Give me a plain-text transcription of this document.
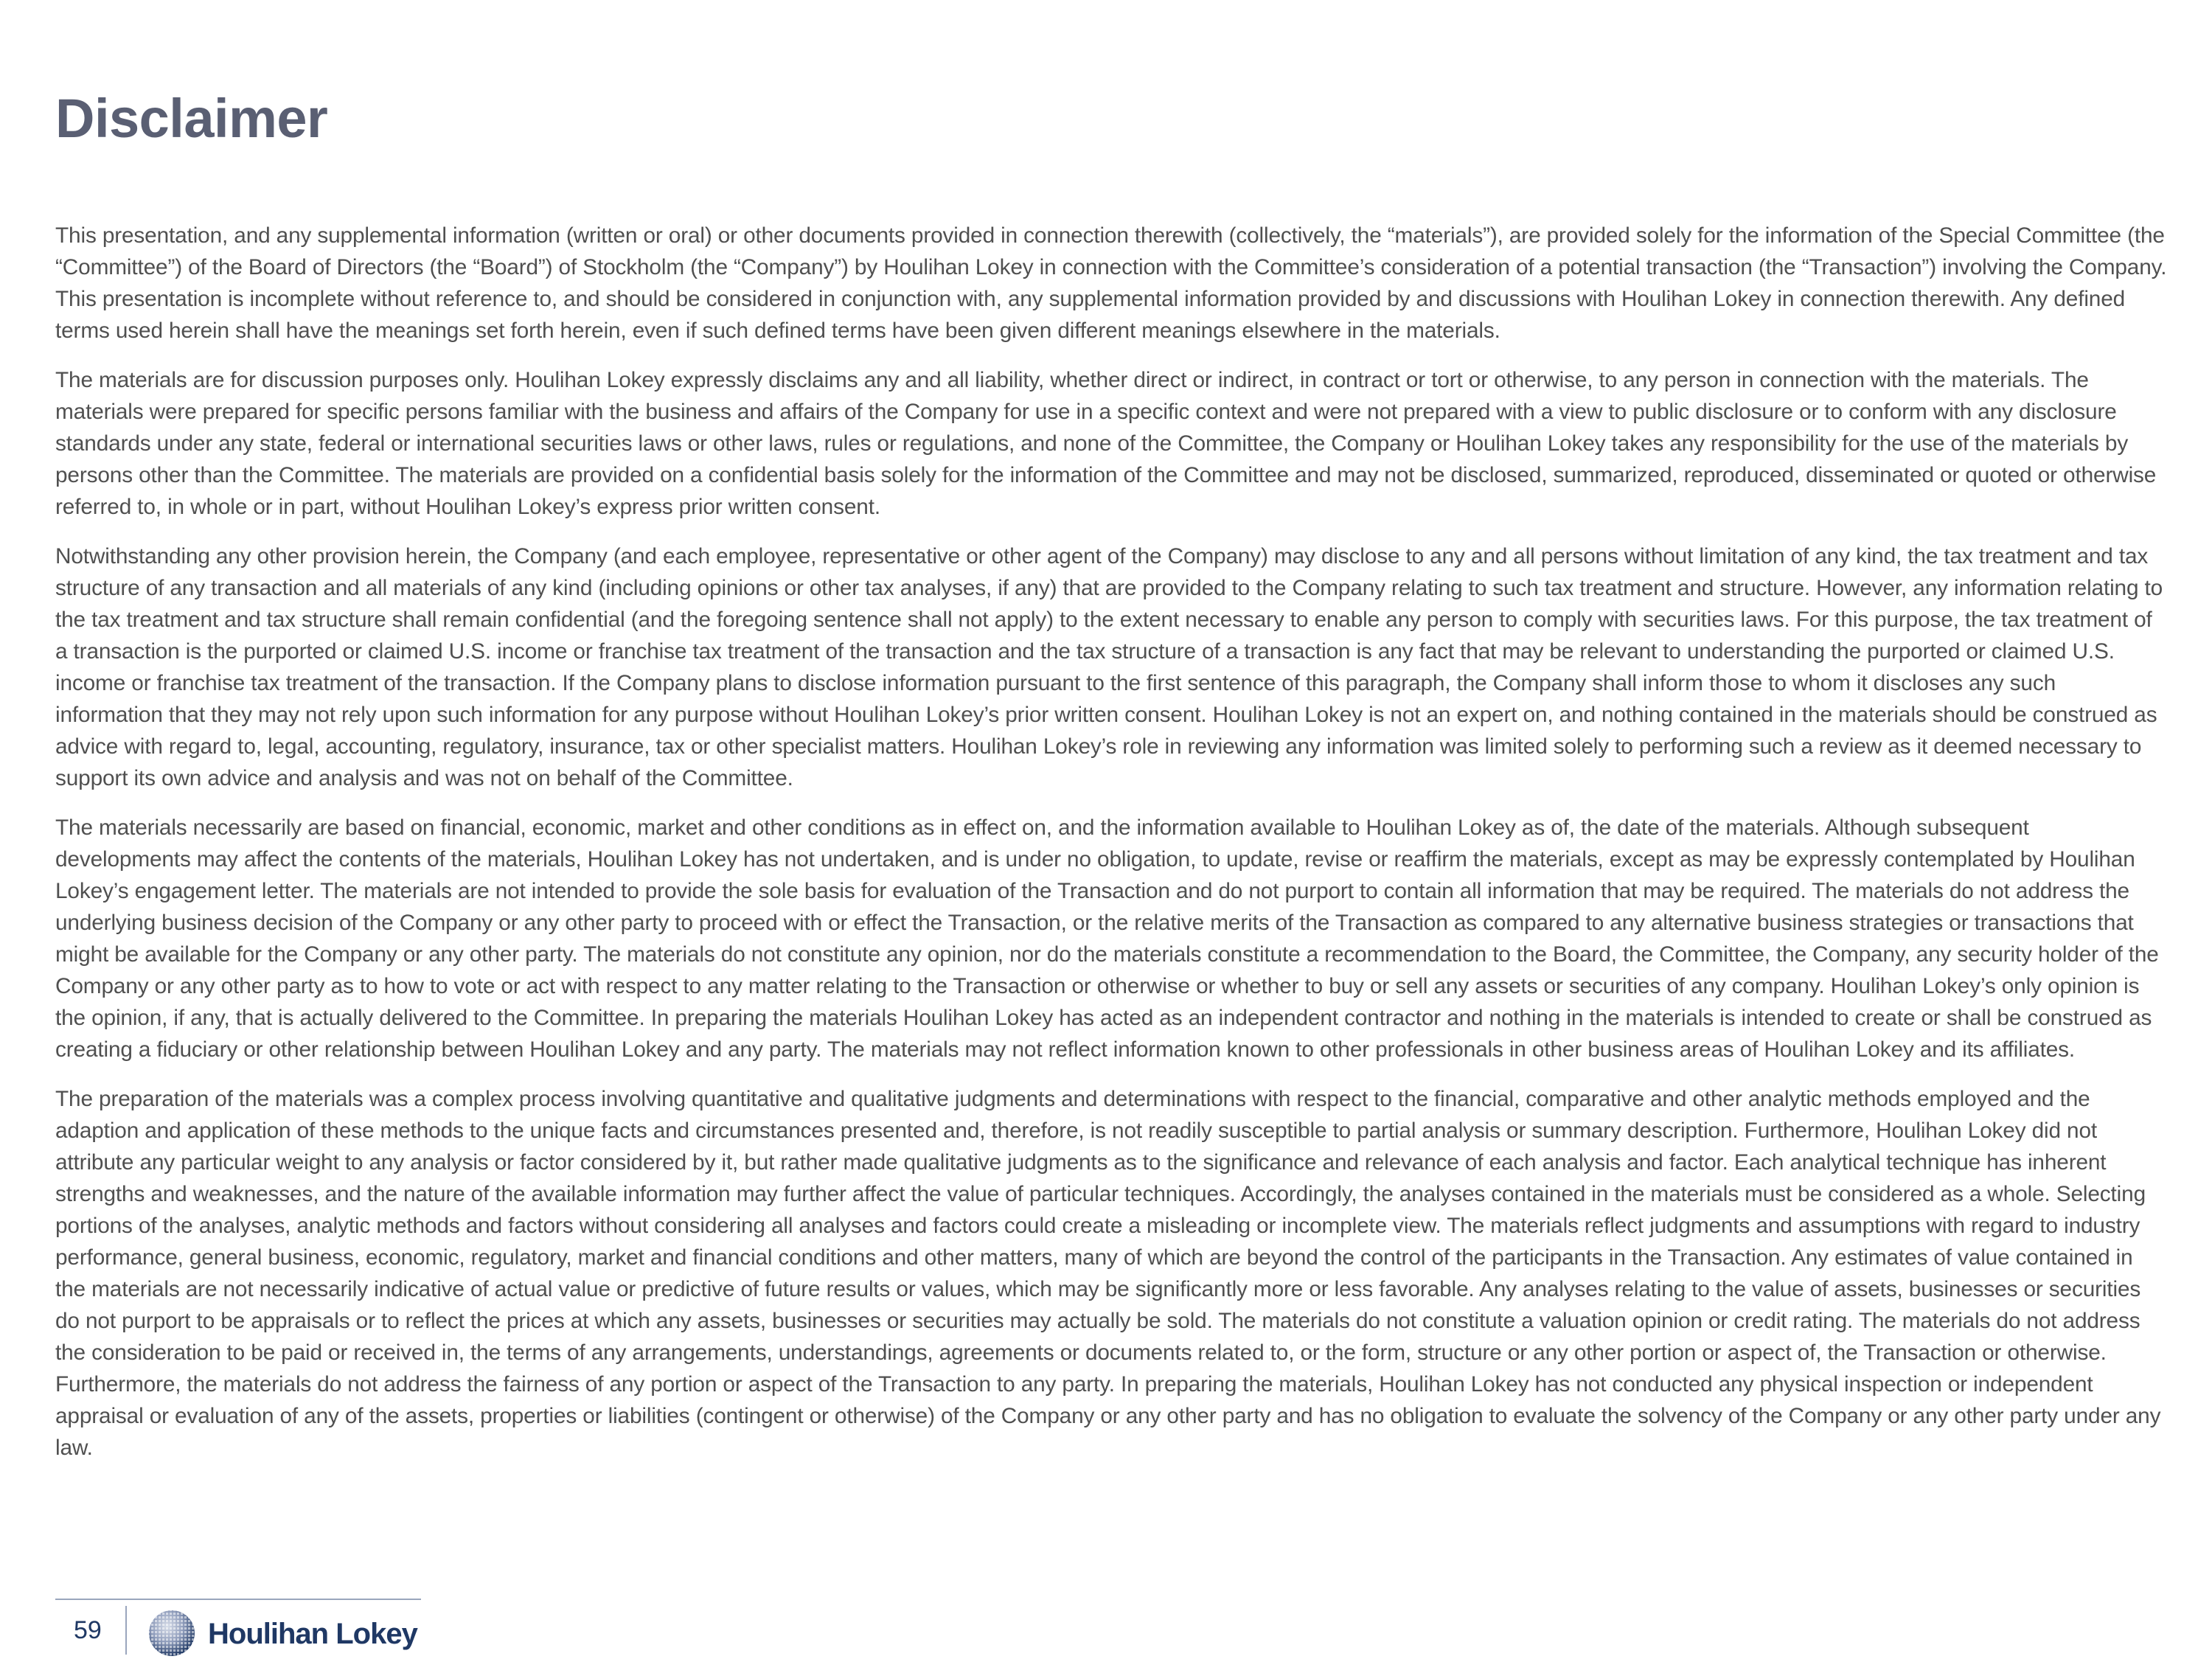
Disclaimer

This presentation, and any supplemental information (written or oral) or other documents provided in connection therewith (collectively, the “materials”), are provided solely for the information of the Special Committee (the “Committee”) of the Board of Directors (the “Board”) of Stockholm (the “Company”) by Houlihan Lokey in connection with the Committee’s consideration of a potential transaction (the “Transaction”) involving the Company. This presentation is incomplete without reference to, and should be considered in conjunction with, any supplemental information provided by and discussions with Houlihan Lokey in connection therewith. Any defined terms used herein shall have the meanings set forth herein, even if such defined terms have been given different meanings elsewhere in the materials.

The materials are for discussion purposes only. Houlihan Lokey expressly disclaims any and all liability, whether direct or indirect, in contract or tort or otherwise, to any person in connection with the materials. The materials were prepared for specific persons familiar with the business and affairs of the Company for use in a specific context and were not prepared with a view to public disclosure or to conform with any disclosure standards under any state, federal or international securities laws or other laws, rules or regulations, and none of the Committee, the Company or Houlihan Lokey takes any responsibility for the use of the materials by persons other than the Committee. The materials are provided on a confidential basis solely for the information of the Committee and may not be disclosed, summarized, reproduced, disseminated or quoted or otherwise referred to, in whole or in part, without Houlihan Lokey’s express prior written consent.

Notwithstanding any other provision herein, the Company (and each employee, representative or other agent of the Company) may disclose to any and all persons without limitation of any kind, the tax treatment and tax structure of any transaction and all materials of any kind (including opinions or other tax analyses, if any) that are provided to the Company relating to such tax treatment and structure. However, any information relating to the tax treatment and tax structure shall remain confidential (and the foregoing sentence shall not apply) to the extent necessary to enable any person to comply with securities laws. For this purpose, the tax treatment of a transaction is the purported or claimed U.S. income or franchise tax treatment of the transaction and the tax structure of a transaction is any fact that may be relevant to understanding the purported or claimed U.S. income or franchise tax treatment of the transaction. If the Company plans to disclose information pursuant to the first sentence of this paragraph, the Company shall inform those to whom it discloses any such information that they may not rely upon such information for any purpose without Houlihan Lokey’s prior written consent. Houlihan Lokey is not an expert on, and nothing contained in the materials should be construed as advice with regard to, legal, accounting, regulatory, insurance, tax or other specialist matters. Houlihan Lokey’s role in reviewing any information was limited solely to performing such a review as it deemed necessary to support its own advice and analysis and was not on behalf of the Committee.

The materials necessarily are based on financial, economic, market and other conditions as in effect on, and the information available to Houlihan Lokey as of, the date of the materials. Although subsequent developments may affect the contents of the materials, Houlihan Lokey has not undertaken, and is under no obligation, to update, revise or reaffirm the materials, except as may be expressly contemplated by Houlihan Lokey’s engagement letter. The materials are not intended to provide the sole basis for evaluation of the Transaction and do not purport to contain all information that may be required. The materials do not address the underlying business decision of the Company or any other party to proceed with or effect the Transaction, or the relative merits of the Transaction as compared to any alternative business strategies or transactions that might be available for the Company or any other party. The materials do not constitute any opinion, nor do the materials constitute a recommendation to the Board, the Committee, the Company, any security holder of the Company or any other party as to how to vote or act with respect to any matter relating to the Transaction or otherwise or whether to buy or sell any assets or securities of any company. Houlihan Lokey’s only opinion is the opinion, if any, that is actually delivered to the Committee. In preparing the materials Houlihan Lokey has acted as an independent contractor and nothing in the materials is intended to create or shall be construed as creating a fiduciary or other relationship between Houlihan Lokey and any party. The materials may not reflect information known to other professionals in other business areas of Houlihan Lokey and its affiliates.

The preparation of the materials was a complex process involving quantitative and qualitative judgments and determinations with respect to the financial, comparative and other analytic methods employed and the adaption and application of these methods to the unique facts and circumstances presented and, therefore, is not readily susceptible to partial analysis or summary description. Furthermore, Houlihan Lokey did not attribute any particular weight to any analysis or factor considered by it, but rather made qualitative judgments as to the significance and relevance of each analysis and factor. Each analytical technique has inherent strengths and weaknesses, and the nature of the available information may further affect the value of particular techniques. Accordingly, the analyses contained in the materials must be considered as a whole. Selecting portions of the analyses, analytic methods and factors without considering all analyses and factors could create a misleading or incomplete view. The materials reflect judgments and assumptions with regard to industry performance, general business, economic, regulatory, market and financial conditions and other matters, many of which are beyond the control of the participants in the Transaction. Any estimates of value contained in the materials are not necessarily indicative of actual value or predictive of future results or values, which may be significantly more or less favorable. Any analyses relating to the value of assets, businesses or securities do not purport to be appraisals or to reflect the prices at which any assets, businesses or securities may actually be sold. The materials do not constitute a valuation opinion or credit rating. The materials do not address the consideration to be paid or received in, the terms of any arrangements, understandings, agreements or documents related to, or the form, structure or any other portion or aspect of, the Transaction or otherwise. Furthermore, the materials do not address the fairness of any portion or aspect of the Transaction to any party. In preparing the materials, Houlihan Lokey has not conducted any physical inspection or independent appraisal or evaluation of any of the assets, properties or liabilities (contingent or otherwise) of the Company or any other party and has no obligation to evaluate the solvency of the Company or any other party under any law.

59	Houlihan Lokey
